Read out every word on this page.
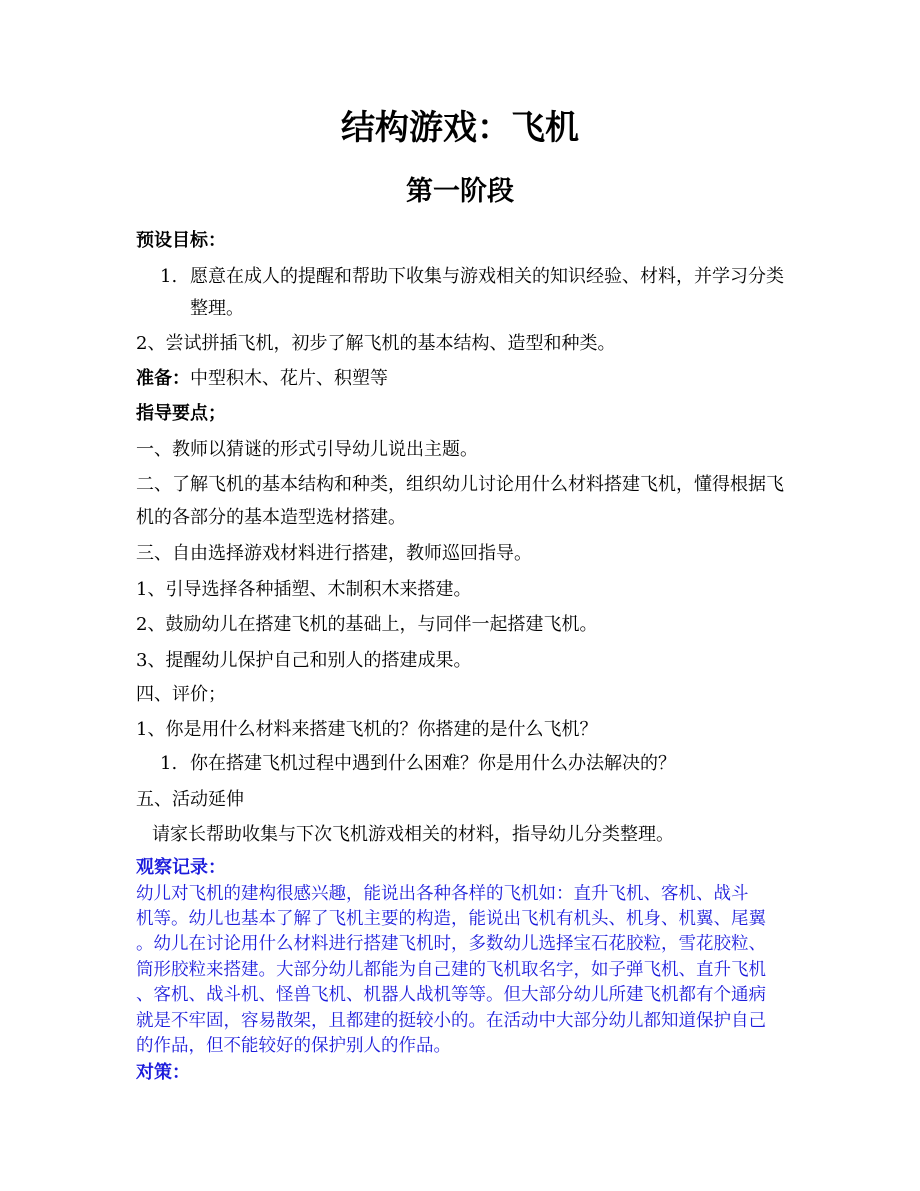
结构游戏：飞机
第一阶段
预设目标：
1. 愿意在成人的提醒和帮助下收集与游戏相关的知识经验、材料，并学习分类
整理。
2、尝试拼插飞机，初步了解飞机的基本结构、造型和种类。
准备：中型积木、花片、积塑等
指导要点；
一、教师以猜谜的形式引导幼儿说出主题。
二、了解飞机的基本结构和种类，组织幼儿讨论用什么材料搭建飞机，懂得根据飞
机的各部分的基本造型选材搭建。
三、自由选择游戏材料进行搭建，教师巡回指导。
1、引导选择各种插塑、木制积木来搭建。
2、鼓励幼儿在搭建飞机的基础上，与同伴一起搭建飞机。
3、提醒幼儿保护自己和别人的搭建成果。
四、评价；
1、你是用什么材料来搭建飞机的？你搭建的是什么飞机？
1. 你在搭建飞机过程中遇到什么困难？你是用什么办法解决的？
五、活动延伸
请家长帮助收集与下次飞机游戏相关的材料，指导幼儿分类整理。
观察记录：
幼儿对飞机的建构很感兴趣，能说出各种各样的飞机如：直升飞机、客机、战斗
机等。幼儿也基本了解了飞机主要的构造，能说出飞机有机头、机身、机翼、尾翼
。幼儿在讨论用什么材料进行搭建飞机时，多数幼儿选择宝石花胶粒，雪花胶粒、
筒形胶粒来搭建。大部分幼儿都能为自己建的飞机取名字，如子弹飞机、直升飞机
、客机、战斗机、怪兽飞机、机器人战机等等。但大部分幼儿所建飞机都有个通病
就是不牢固，容易散架，且都建的挺较小的。在活动中大部分幼儿都知道保护自己
的作品，但不能较好的保护别人的作品。
对策：
